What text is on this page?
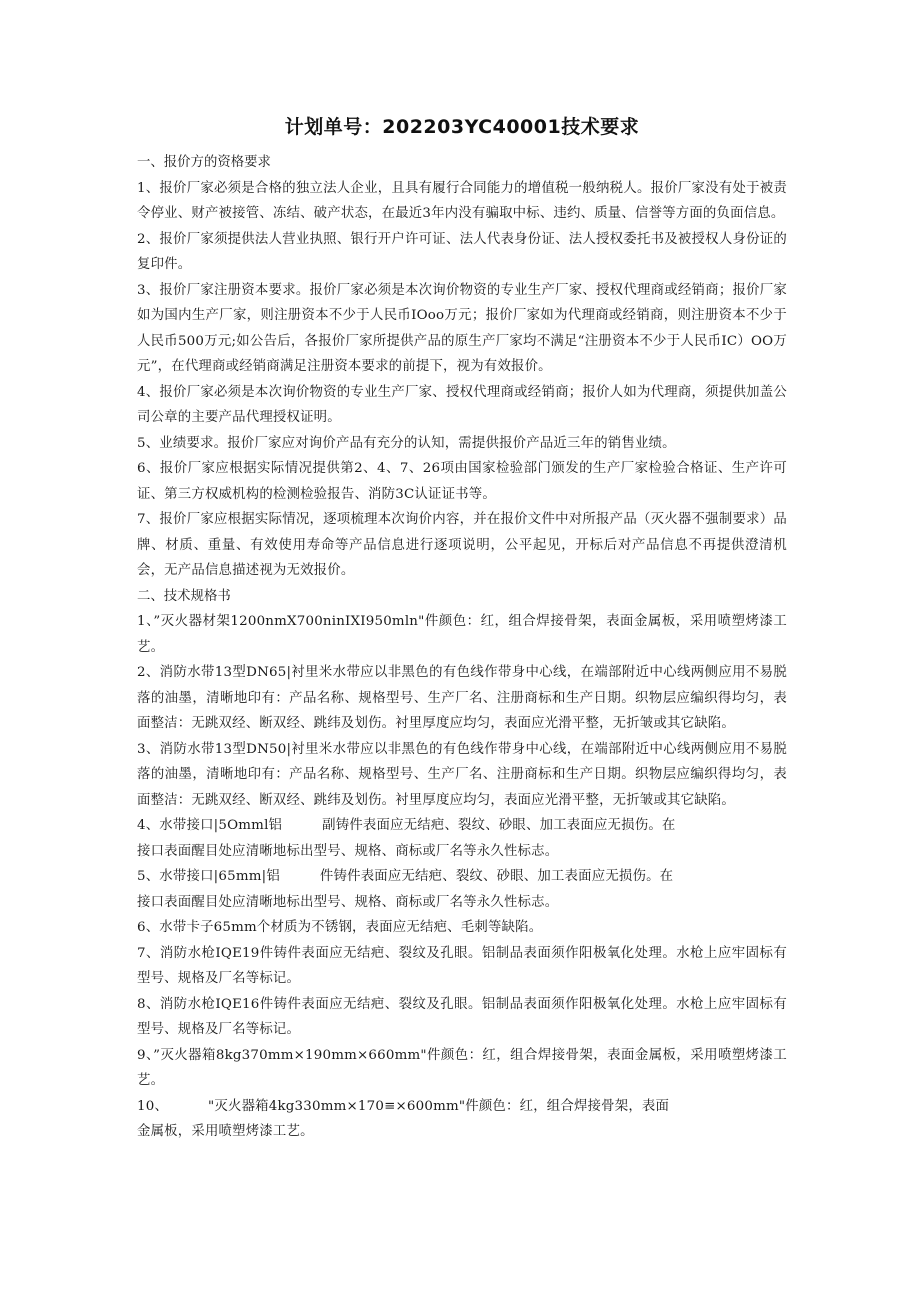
计划单号：202203YC40001技术要求

一、报价方的资格要求

1、报价厂家必须是合格的独立法人企业，且具有履行合同能力的增值税一般纳税人。报价厂家没有处于被责令停业、财产被接管、冻结、破产状态，在最近3年内没有骗取中标、违约、质量、信誉等方面的负面信息。

2、报价厂家须提供法人营业执照、银行开户许可证、法人代表身份证、法人授权委托书及被授权人身份证的复印件。

3、报价厂家注册资本要求。报价厂家必须是本次询价物资的专业生产厂家、授权代理商或经销商；报价厂家如为国内生产厂家，则注册资本不少于人民币IOoo万元；报价厂家如为代理商或经销商，则注册资本不少于人民币500万元;如公告后，各报价厂家所提供产品的原生产厂家均不满足“注册资本不少于人民币IC）OO万元”，在代理商或经销商满足注册资本要求的前提下，视为有效报价。

4、报价厂家必须是本次询价物资的专业生产厂家、授权代理商或经销商；报价人如为代理商，须提供加盖公司公章的主要产品代理授权证明。

5、业绩要求。报价厂家应对询价产品有充分的认知，需提供报价产品近三年的销售业绩。

6、报价厂家应根据实际情况提供第2、4、7、26项由国家检验部门颁发的生产厂家检验合格证、生产许可证、第三方权威机构的检测检验报告、消防3C认证证书等。

7、报价厂家应根据实际情况，逐项梳理本次询价内容，并在报价文件中对所报产品（灭火器不强制要求）品牌、材质、重量、有效使用寿命等产品信息进行逐项说明，公平起见，开标后对产品信息不再提供澄清机会，无产品信息描述视为无效报价。

二、技术规格书

1、”灭火器材架1200nmX700ninIXI950mln"件颜色：红，组合焊接骨架，表面金属板，采用喷塑烤漆工艺。

2、消防水带13型DN65|衬里米水带应以非黑色的有色线作带身中心线，在端部附近中心线两侧应用不易脱落的油墨，清晰地印有：产品名称、规格型号、生产厂名、注册商标和生产日期。织物层应编织得均匀，表面整洁：无跳双经、断双经、跳纬及划伤。衬里厚度应均匀，表面应光滑平整，无折皱或其它缺陷。

3、消防水带13型DN50|衬里米水带应以非黑色的有色线作带身中心线，在端部附近中心线两侧应用不易脱落的油墨，清晰地印有：产品名称、规格型号、生产厂名、注册商标和生产日期。织物层应编织得均匀，表面整洁：无跳双经、断双经、跳纬及划伤。衬里厚度应均匀，表面应光滑平整，无折皱或其它缺陷。

4、水带接口|5Omml铝	副铸件表面应无结疤、裂纹、砂眼、加工表面应无损伤。在
接口表面醒目处应清晰地标出型号、规格、商标或厂名等永久性标志。

5、水带接口|65mm|铝	件铸件表面应无结疤、裂纹、砂眼、加工表面应无损伤。在
接口表面醒目处应清晰地标出型号、规格、商标或厂名等永久性标志。

6、水带卡子65mm个材质为不锈钢，表面应无结疤、毛刺等缺陷。

7、消防水枪IQE19件铸件表面应无结疤、裂纹及孔眼。铝制品表面须作阳极氧化处理。水枪上应牢固标有型号、规格及厂名等标记。

8、消防水枪IQE16件铸件表面应无结疤、裂纹及孔眼。铝制品表面须作阳极氧化处理。水枪上应牢固标有型号、规格及厂名等标记。

9、”灭火器箱8kg370mm×190mm×660mm"件颜色：红，组合焊接骨架，表面金属板，采用喷塑烤漆工艺。

10、	"灭火器箱4kg330mm×170≡×600mm"件颜色：红，组合焊接骨架，表面
金属板，采用喷塑烤漆工艺。
